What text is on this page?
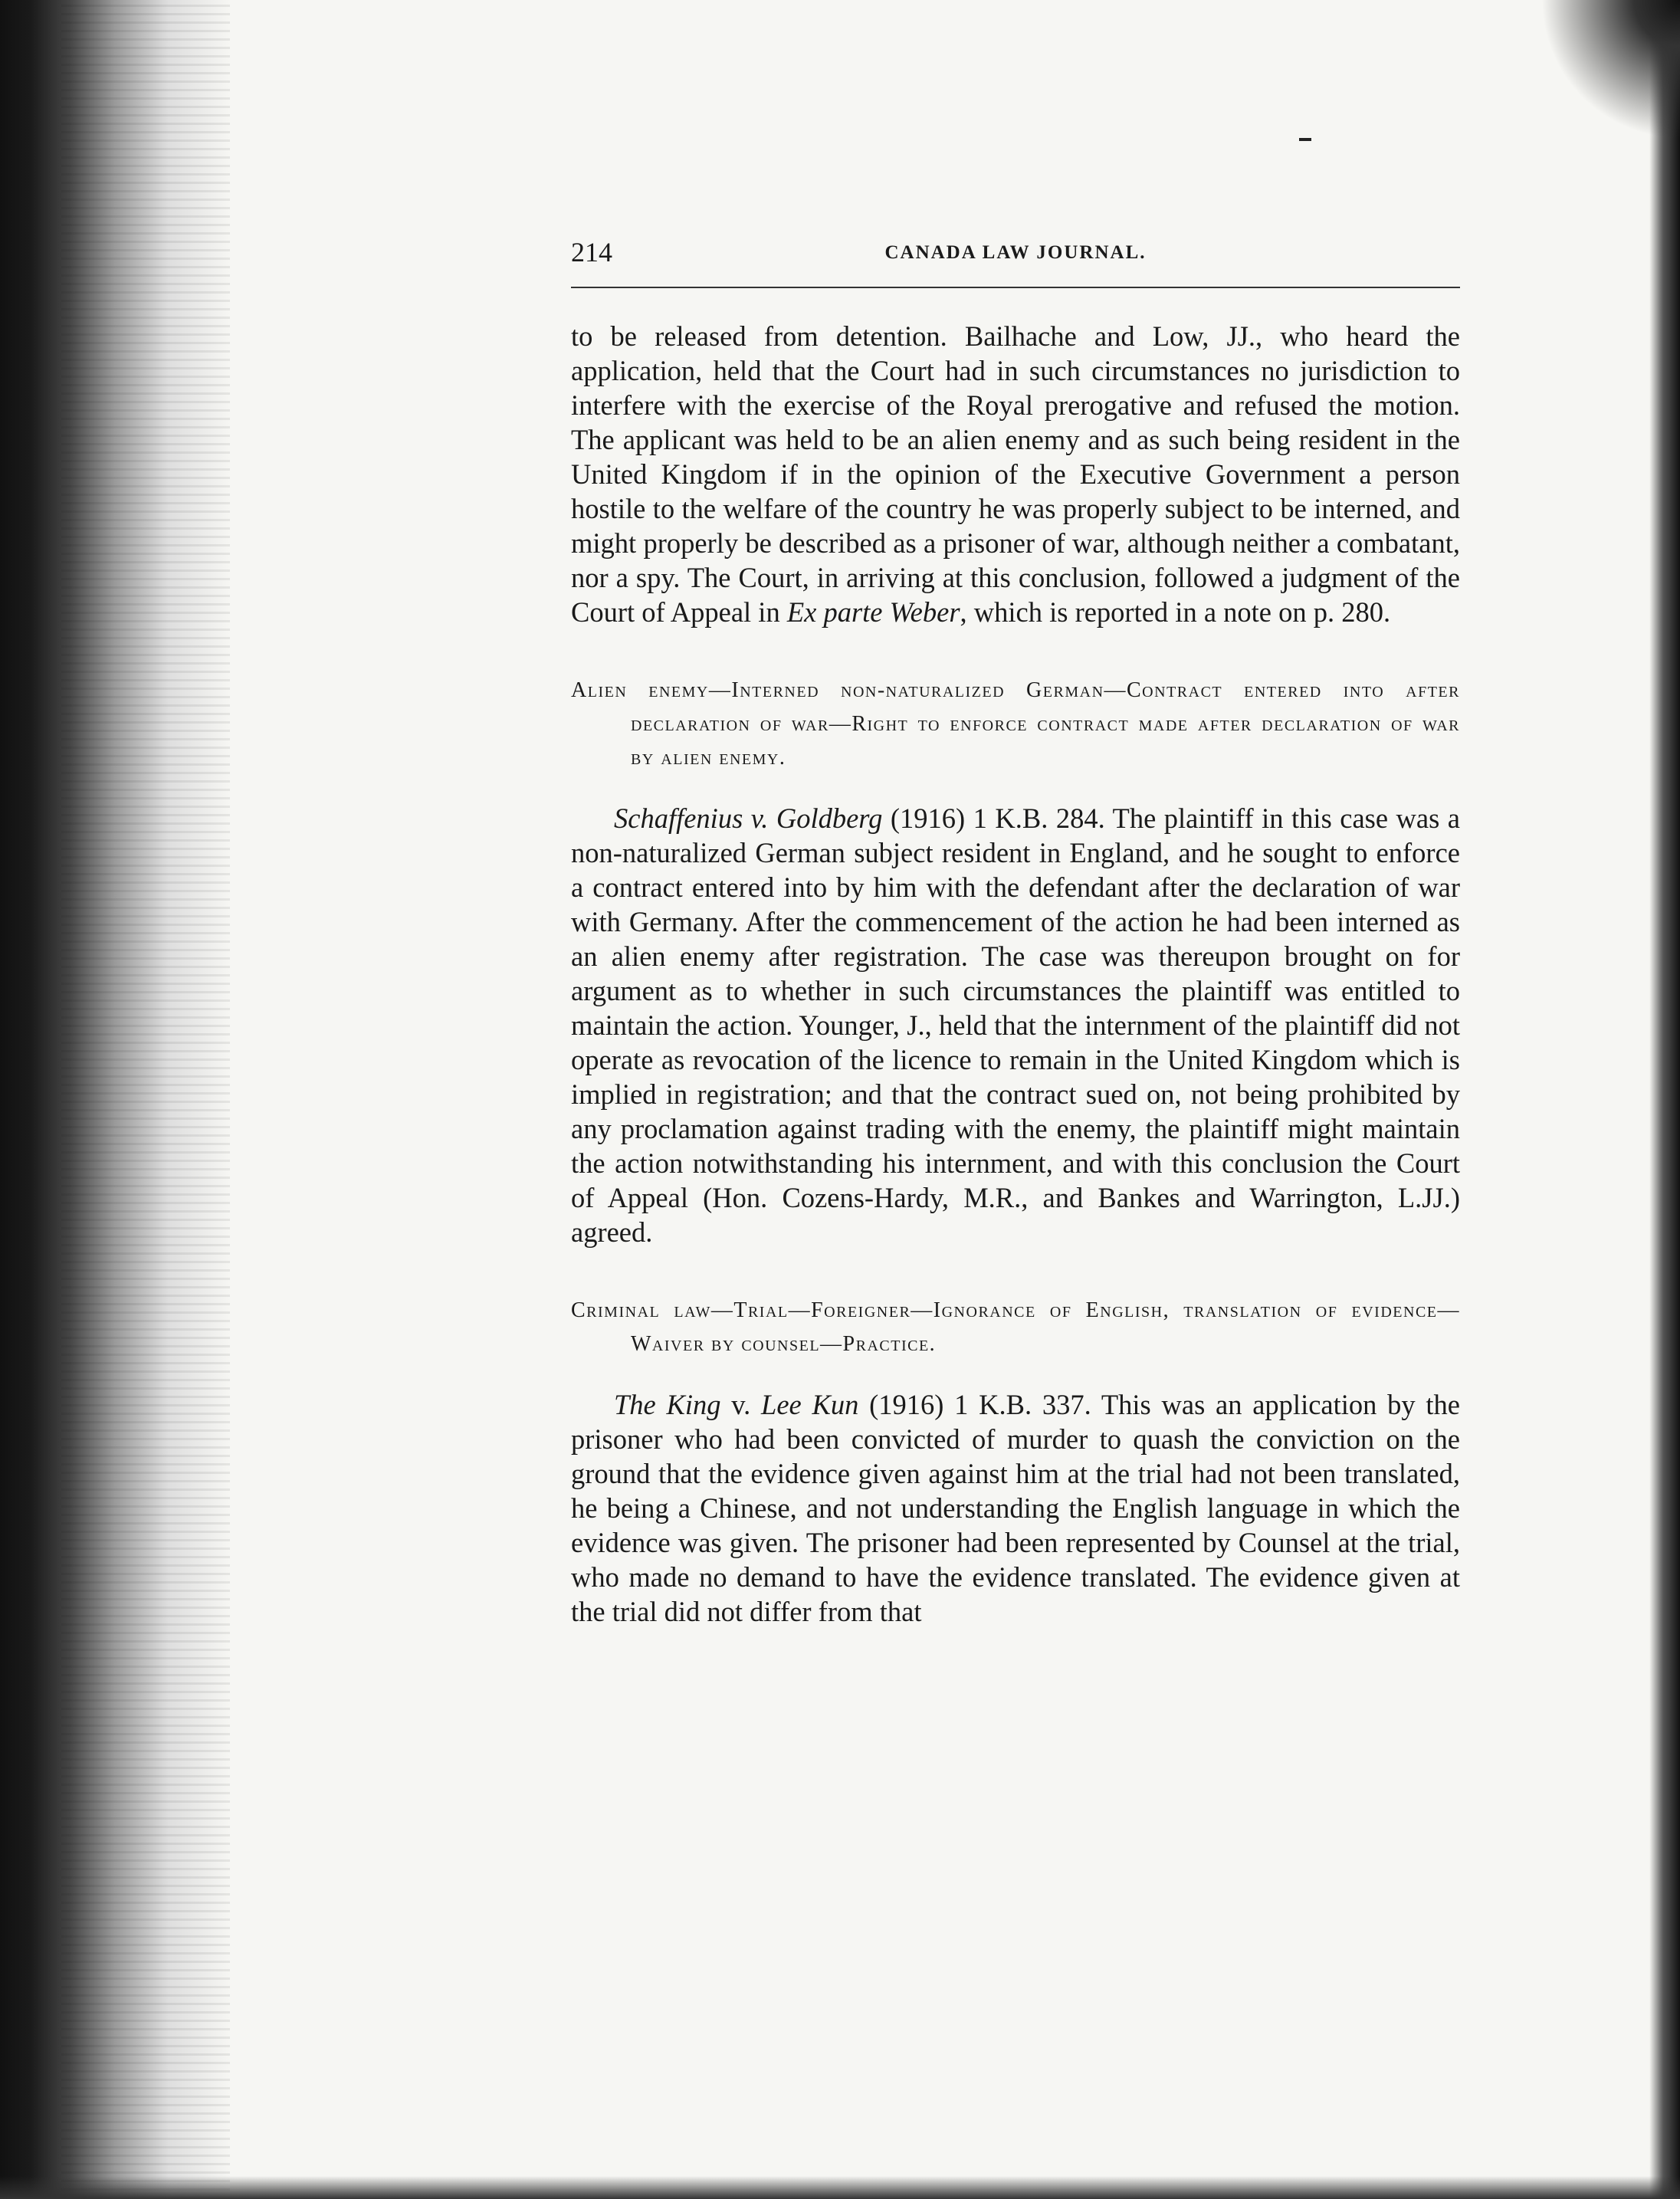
214	CANADA LAW JOURNAL.

to be released from detention. Bailhache and Low, JJ., who heard the application, held that the Court had in such circumstances no jurisdiction to interfere with the exercise of the Royal prerogative and refused the motion. The applicant was held to be an alien enemy and as such being resident in the United Kingdom if in the opinion of the Executive Government a person hostile to the welfare of the country he was properly subject to be interned, and might properly be described as a prisoner of war, although neither a combatant, nor a spy. The Court, in arriving at this conclusion, followed a judgment of the Court of Appeal in Ex parte Weber, which is reported in a note on p. 280.

Alien enemy—Interned non-naturalized German—Contract entered into after declaration of war—Right to enforce contract made after declaration of war by alien enemy.

Schaffenius v. Goldberg (1916) 1 K.B. 284. The plaintiff in this case was a non-naturalized German subject resident in England, and he sought to enforce a contract entered into by him with the defendant after the declaration of war with Germany. After the commencement of the action he had been interned as an alien enemy after registration. The case was thereupon brought on for argument as to whether in such circumstances the plaintiff was entitled to maintain the action. Younger, J., held that the internment of the plaintiff did not operate as revocation of the licence to remain in the United Kingdom which is implied in registration; and that the contract sued on, not being prohibited by any proclamation against trading with the enemy, the plaintiff might maintain the action notwithstanding his internment, and with this conclusion the Court of Appeal (Hon. Cozens-Hardy, M.R., and Bankes and Warrington, L.JJ.) agreed.

Criminal law—Trial—Foreigner—Ignorance of English, translation of evidence—Waiver by counsel—Practice.

The King v. Lee Kun (1916) 1 K.B. 337. This was an application by the prisoner who had been convicted of murder to quash the conviction on the ground that the evidence given against him at the trial had not been translated, he being a Chinese, and not understanding the English language in which the evidence was given. The prisoner had been represented by Counsel at the trial, who made no demand to have the evidence translated. The evidence given at the trial did not differ from that
